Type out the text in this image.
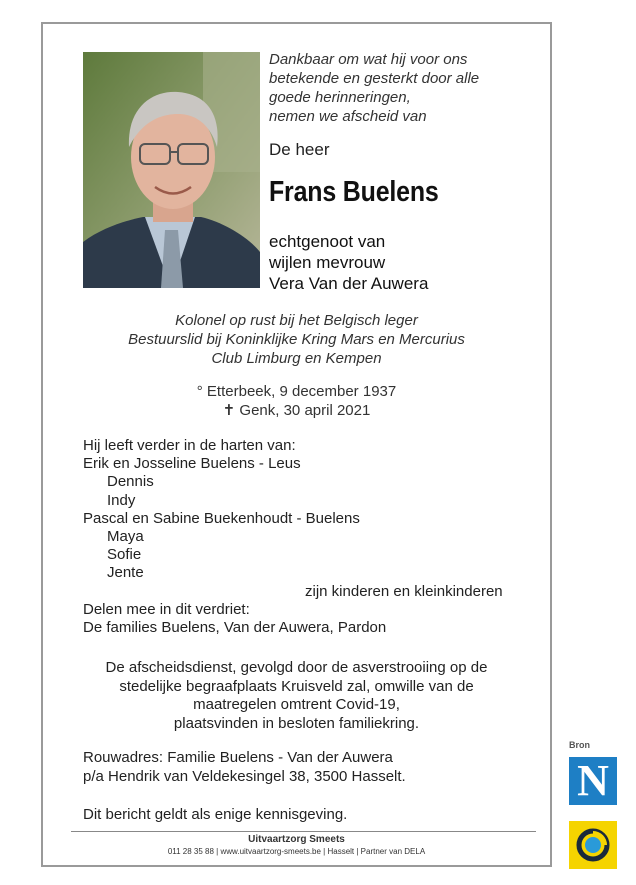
Dankbaar om wat hij voor ons
betekende en gesterkt door alle
goede herinneringen,
nemen we afscheid van
De heer
Frans Buelens
echtgenoot van
wijlen mevrouw
Vera Van der Auwera
Kolonel op rust bij het Belgisch leger
Bestuurslid bij Koninklijke Kring Mars en Mercurius
Club Limburg en Kempen
° Etterbeek, 9 december 1937
✝ Genk, 30 april 2021
Hij leeft verder in de harten van:
Erik en Josseline Buelens - Leus
Dennis
Indy
Pascal en Sabine Buekenhoudt - Buelens
Maya
Sofie
Jente
zijn kinderen en kleinkinderen
Delen mee in dit verdriet:
De families Buelens, Van der Auwera, Pardon
De afscheidsdienst, gevolgd door de asverstrooiing op de
stedelijke begraafplaats Kruisveld zal, omwille van de
maatregelen omtrent Covid-19,
plaatsvinden in besloten familiekring.
Rouwadres: Familie Buelens - Van der Auwera
p/a Hendrik van Veldekesingel 38, 3500 Hasselt.
Dit bericht geldt als enige kennisgeving.
Uitvaartzorg Smeets
011 28 35 88 | www.uitvaartzorg-smeets.be | Hasselt | Partner van DELA
Bron
N
